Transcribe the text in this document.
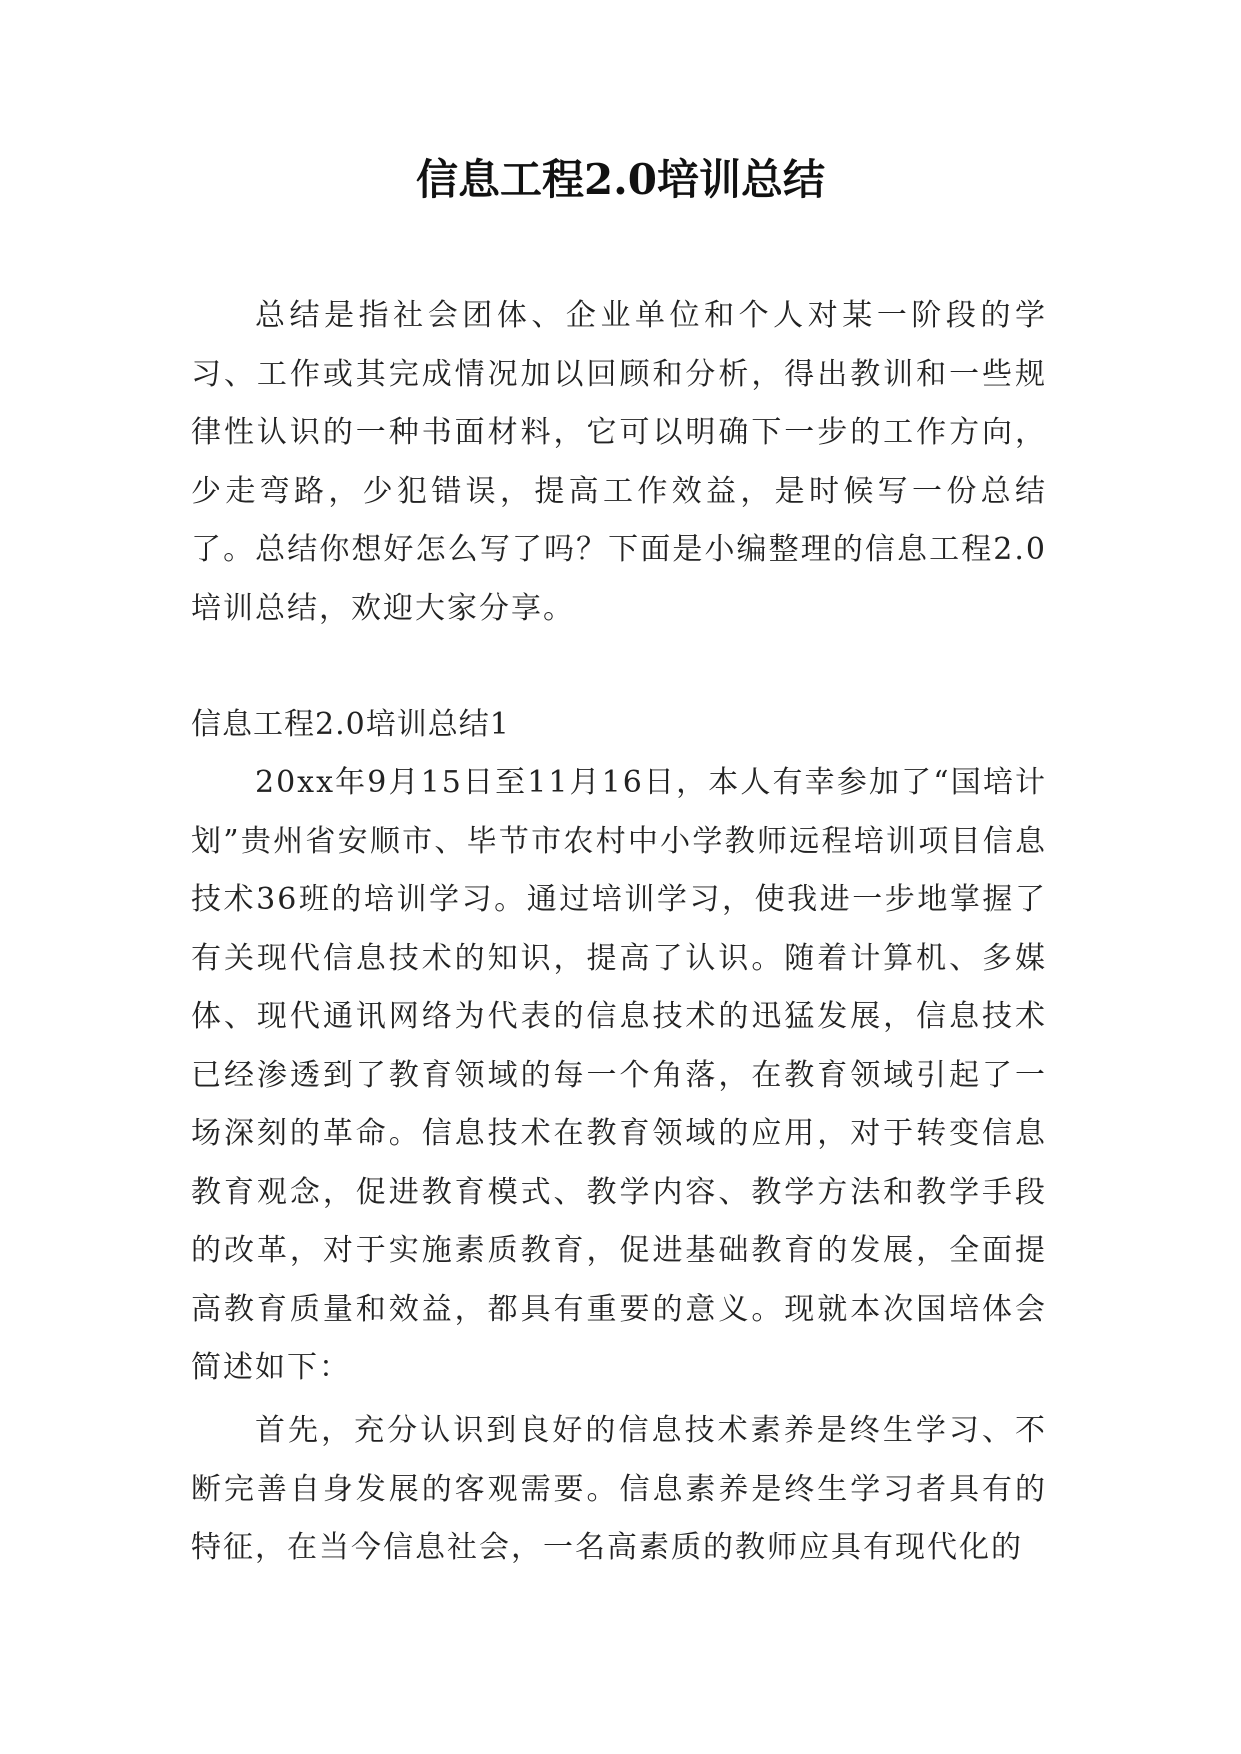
信息工程2.0培训总结

总结是指社会团体、企业单位和个人对某一阶段的学习、工作或其完成情况加以回顾和分析，得出教训和一些规律性认识的一种书面材料，它可以明确下一步的工作方向，少走弯路，少犯错误，提高工作效益，是时候写一份总结了。总结你想好怎么写了吗？下面是小编整理的信息工程2.0培训总结，欢迎大家分享。

信息工程2.0培训总结1

20xx年9月15日至11月16日，本人有幸参加了“国培计划”贵州省安顺市、毕节市农村中小学教师远程培训项目信息技术36班的培训学习。通过培训学习，使我进一步地掌握了有关现代信息技术的知识，提高了认识。随着计算机、多媒体、现代通讯网络为代表的信息技术的迅猛发展，信息技术已经渗透到了教育领域的每一个角落，在教育领域引起了一场深刻的革命。信息技术在教育领域的应用，对于转变信息教育观念，促进教育模式、教学内容、教学方法和教学手段的改革，对于实施素质教育，促进基础教育的发展，全面提高教育质量和效益，都具有重要的意义。现就本次国培体会简述如下：

首先，充分认识到良好的信息技术素养是终生学习、不断完善自身发展的客观需要。信息素养是终生学习者具有的特征，在当今信息社会，一名高素质的教师应具有现代化的
